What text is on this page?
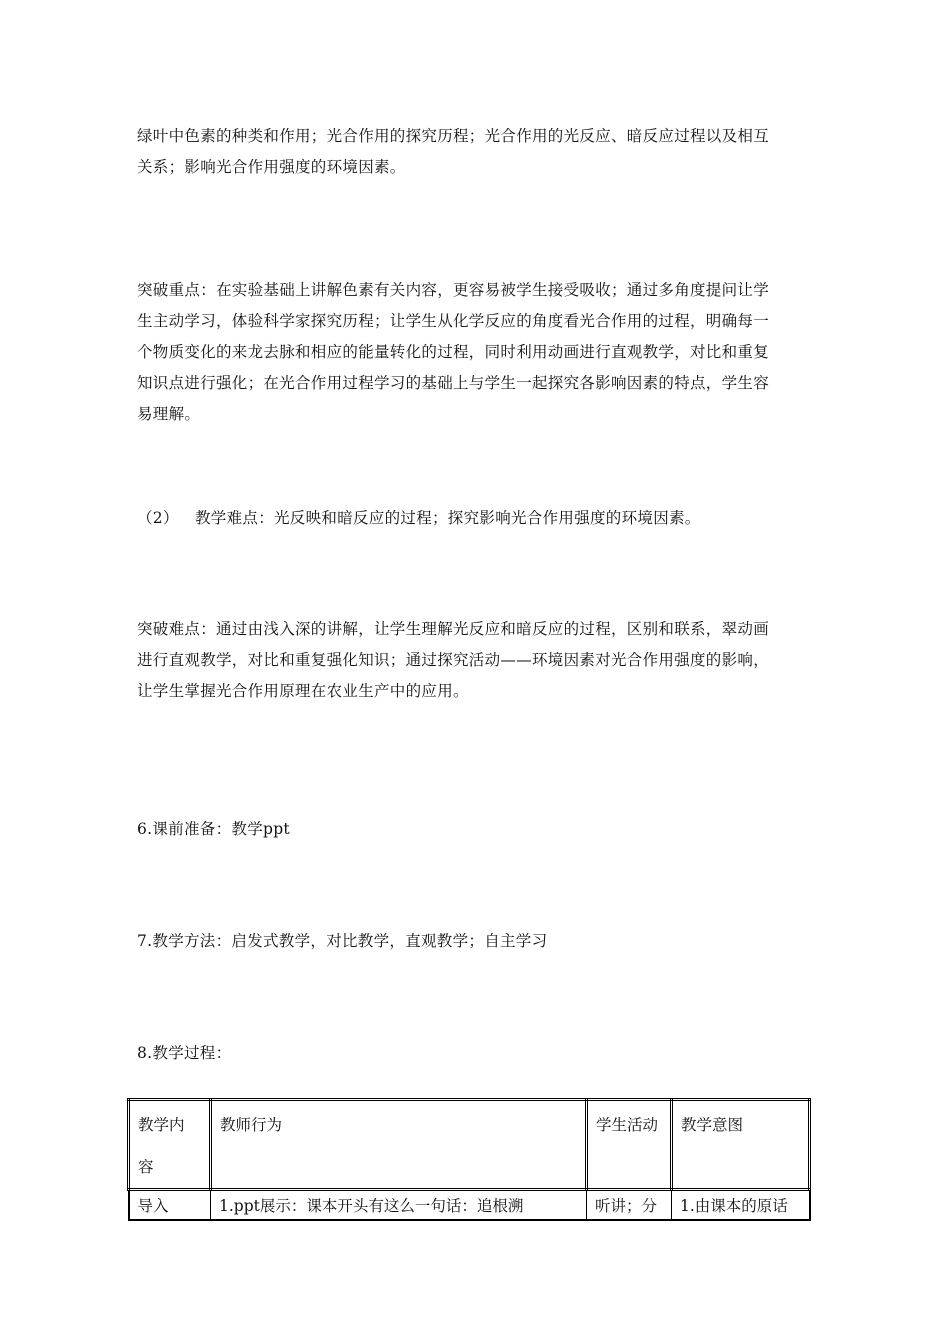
绿叶中色素的种类和作用；光合作用的探究历程；光合作用的光反应、暗反应过程以及相互
关系；影响光合作用强度的环境因素。
突破重点：在实验基础上讲解色素有关内容，更容易被学生接受吸收；通过多角度提问让学
生主动学习，体验科学家探究历程；让学生从化学反应的角度看光合作用的过程，明确每一
个物质变化的来龙去脉和相应的能量转化的过程，同时利用动画进行直观教学，对比和重复
知识点进行强化；在光合作用过程学习的基础上与学生一起探究各影响因素的特点，学生容
易理解。
（2） 教学难点：光反映和暗反应的过程；探究影响光合作用强度的环境因素。
突破难点：通过由浅入深的讲解，让学生理解光反应和暗反应的过程，区别和联系，翠动画
进行直观教学，对比和重复强化知识；通过探究活动——环境因素对光合作用强度的影响，
让学生掌握光合作用原理在农业生产中的应用。
6.课前准备：教学ppt
7.教学方法：启发式教学，对比教学，直观教学；自主学习
8.教学过程：
教学内
容	教师行为	学生活动	教学意图
导入	1.ppt展示：课本开头有这么一句话：追根溯	听讲；分	1.由课本的原话
